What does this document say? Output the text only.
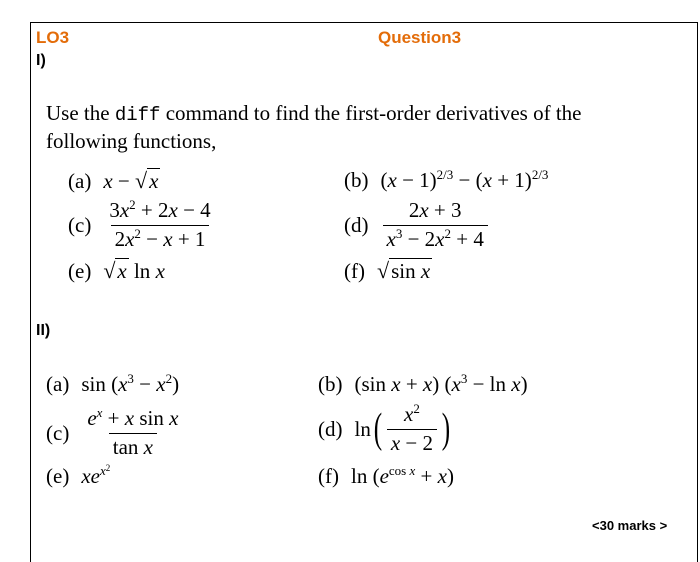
LO3	Question3
I)
Use the diff command to find the first-order derivatives of the following functions,
(a) x − √ x	(b) $(x - 1)^{2/3} - (x + 1)^{2/3}$
$(c) \frac{3x^2 + 2x - 4}{2x^2 - x + 1}$	$(d) \frac{2x + 3}{x^3 - 2x^2 + 4}$
(e) √ x ln x	(f) √ sin x
II)
(a) $\sin (x^3 - x^2)$	(b) (sin x + x) $(x^3 - \ln x)$
$(c) \frac{e^x + x \sin x}{\text{tan x}}$	(d) ln ( $\frac{x^2}{x - 2}$ )
(e) $xe^{x^2}$	(f) $\ln (e^{cos x} + x)$
<30 marks >
